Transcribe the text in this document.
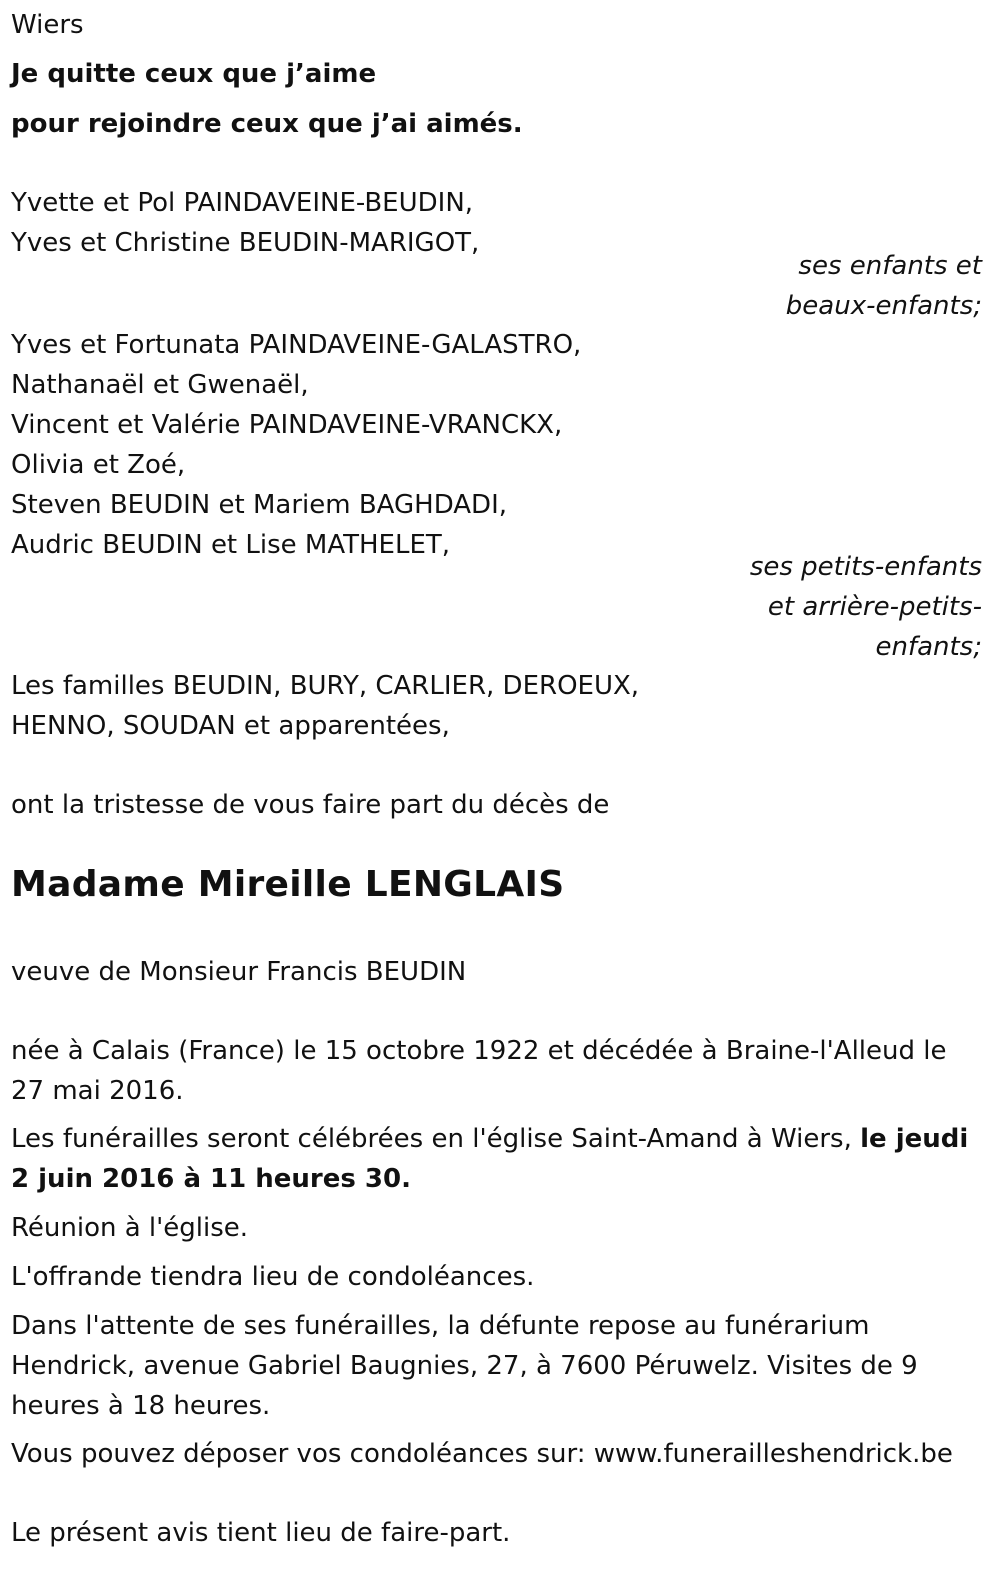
Wiers

Je quitte ceux que j’aime

pour rejoindre ceux que j’ai aimés.

Yvette et Pol PAINDAVEINE-BEUDIN,

Yves et Christine BEUDIN-MARIGOT,

ses enfants et

beaux-enfants;

Yves et Fortunata PAINDAVEINE-GALASTRO,

Nathanaël et Gwenaël,

Vincent et Valérie PAINDAVEINE-VRANCKX,

Olivia et Zoé,

Steven BEUDIN et Mariem BAGHDADI,

Audric BEUDIN et Lise MATHELET,

ses petits-enfants

et arrière-petits-

enfants;

Les familles BEUDIN, BURY, CARLIER, DEROEUX,

HENNO, SOUDAN et apparentées,

ont la tristesse de vous faire part du décès de

Madame Mireille LENGLAIS

veuve de Monsieur Francis BEUDIN

née à Calais (France) le 15 octobre 1922 et décédée à Braine-l'Alleud le 27 mai 2016.

Les funérailles seront célébrées en l'église Saint-Amand à Wiers, le jeudi 2 juin 2016 à 11 heures 30.

Réunion à l'église.

L'offrande tiendra lieu de condoléances.

Dans l'attente de ses funérailles, la défunte repose au funérarium Hendrick, avenue Gabriel Baugnies, 27, à 7600 Péruwelz. Visites de 9 heures à 18 heures.

Vous pouvez déposer vos condoléances sur: www.funerailleshendrick.be

Le présent avis tient lieu de faire-part.
